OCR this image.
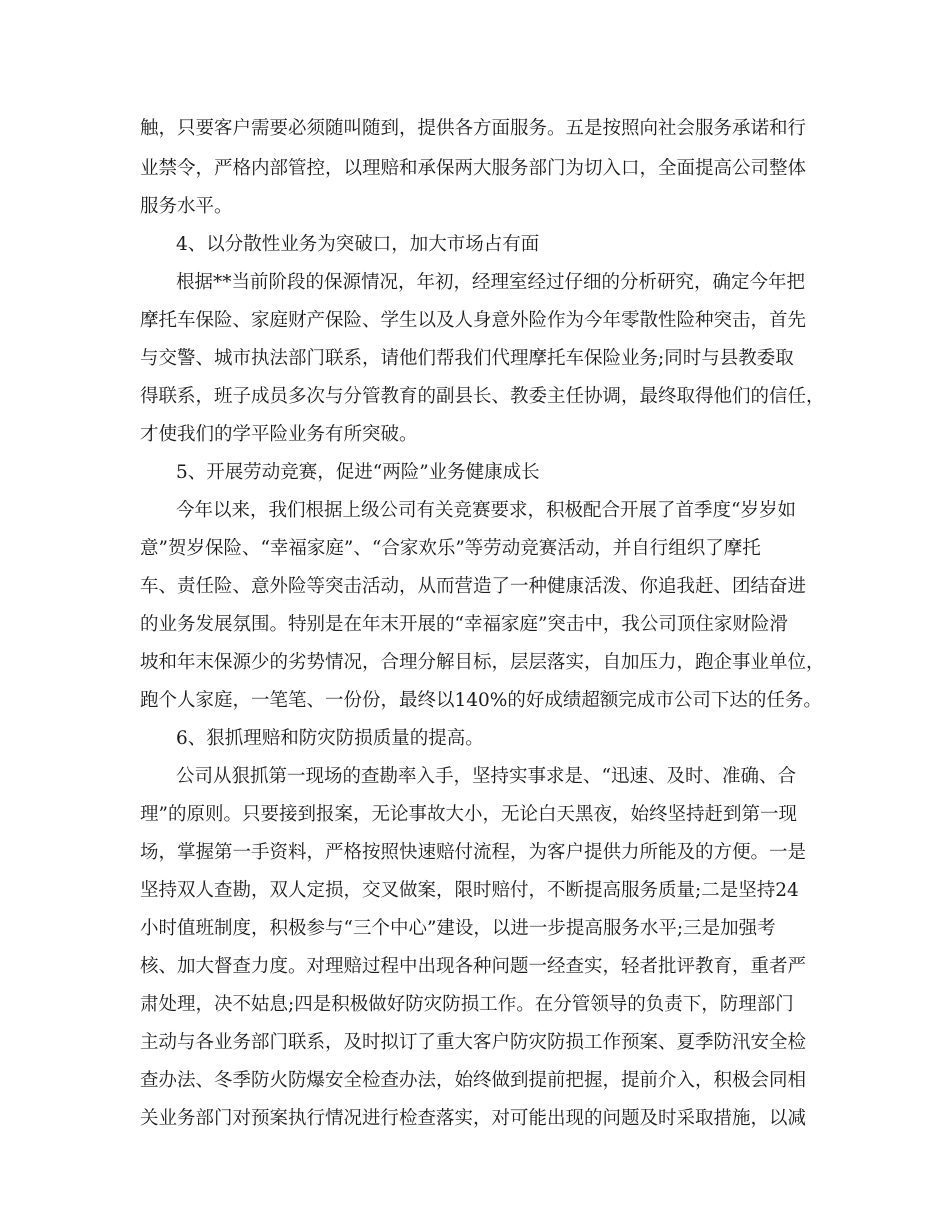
触，只要客户需要必须随叫随到，提供各方面服务。五是按照向社会服务承诺和行
业禁令，严格内部管控，以理赔和承保两大服务部门为切入口，全面提高公司整体
服务水平。
4、以分散性业务为突破口，加大市场占有面
根据**当前阶段的保源情况，年初，经理室经过仔细的分析研究，确定今年把
摩托车保险、家庭财产保险、学生以及人身意外险作为今年零散性险种突击，首先
与交警、城市执法部门联系，请他们帮我们代理摩托车保险业务;同时与县教委取
得联系，班子成员多次与分管教育的副县长、教委主任协调，最终取得他们的信任，
才使我们的学平险业务有所突破。
5、开展劳动竞赛，促进“两险”业务健康成长
今年以来，我们根据上级公司有关竞赛要求，积极配合开展了首季度“岁岁如
意”贺岁保险、“幸福家庭”、“合家欢乐”等劳动竞赛活动，并自行组织了摩托
车、责任险、意外险等突击活动，从而营造了一种健康活泼、你追我赶、团结奋进
的业务发展氛围。特别是在年末开展的“幸福家庭”突击中，我公司顶住家财险滑
坡和年末保源少的劣势情况，合理分解目标，层层落实，自加压力，跑企事业单位，
跑个人家庭，一笔笔、一份份，最终以140%的好成绩超额完成市公司下达的任务。
6、狠抓理赔和防灾防损质量的提高。
公司从狠抓第一现场的查勘率入手，坚持实事求是、“迅速、及时、准确、合
理”的原则。只要接到报案，无论事故大小，无论白天黑夜，始终坚持赶到第一现
场，掌握第一手资料，严格按照快速赔付流程，为客户提供力所能及的方便。一是
坚持双人查勘，双人定损，交叉做案，限时赔付，不断提高服务质量;二是坚持24
小时值班制度，积极参与“三个中心”建设，以进一步提高服务水平;三是加强考
核、加大督查力度。对理赔过程中出现各种问题一经查实，轻者批评教育，重者严
肃处理，决不姑息;四是积极做好防灾防损工作。在分管领导的负责下，防理部门
主动与各业务部门联系，及时拟订了重大客户防灾防损工作预案、夏季防汛安全检
查办法、冬季防火防爆安全检查办法，始终做到提前把握，提前介入，积极会同相
关业务部门对预案执行情况进行检查落实，对可能出现的问题及时采取措施，以减
